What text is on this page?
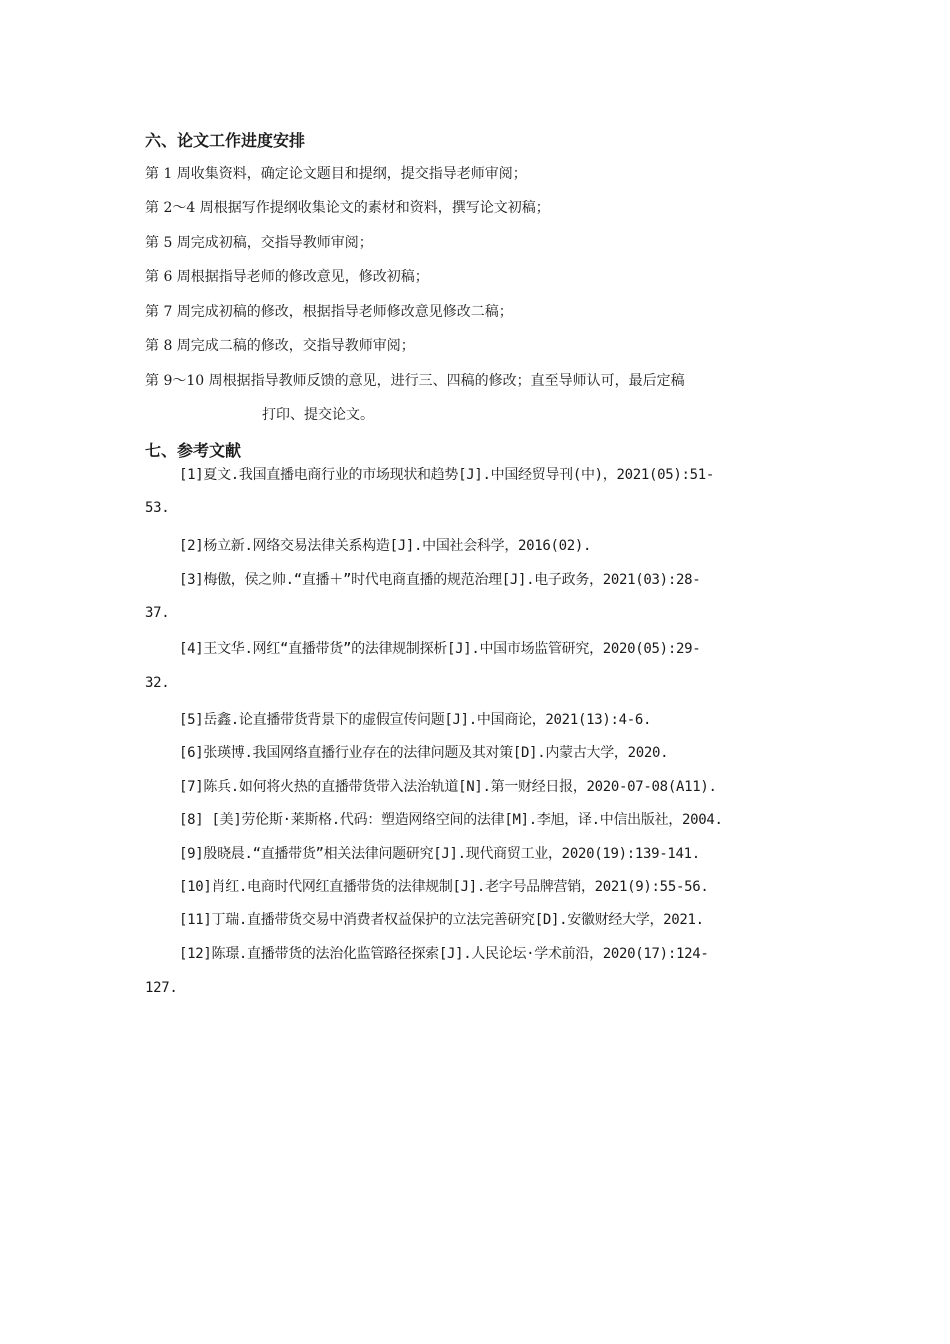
六、论文工作进度安排
第 1 周收集资料，确定论文题目和提纲，提交指导老师审阅；
第 2～4 周根据写作提纲收集论文的素材和资料，撰写论文初稿；
第 5 周完成初稿，交指导教师审阅；
第 6 周根据指导老师的修改意见，修改初稿；
第 7 周完成初稿的修改，根据指导老师修改意见修改二稿；
第 8 周完成二稿的修改，交指导教师审阅；
第 9～10 周根据指导教师反馈的意见，进行三、四稿的修改；直至导师认可，最后定稿
打印、提交论文。
七、参考文献
[1]夏文.我国直播电商行业的市场现状和趋势[J].中国经贸导刊(中)，2021(05):51-
53.
[2]杨立新.网络交易法律关系构造[J].中国社会科学，2016(02).
[3]梅傲，侯之帅.“直播＋”时代电商直播的规范治理[J].电子政务，2021(03):28-
37.
[4]王文华.网红“直播带货”的法律规制探析[J].中国市场监管研究，2020(05):29-
32.
[5]岳鑫.论直播带货背景下的虚假宣传问题[J].中国商论，2021(13):4-6.
[6]张瑛博.我国网络直播行业存在的法律问题及其对策[D].内蒙古大学，2020.
[7]陈兵.如何将火热的直播带货带入法治轨道[N].第一财经日报，2020-07-08(A11).
[8] [美]劳伦斯·莱斯格.代码：塑造网络空间的法律[M].李旭，译.中信出版社，2004.
[9]殷晓晨.“直播带货”相关法律问题研究[J].现代商贸工业，2020(19):139-141.
[10]肖红.电商时代网红直播带货的法律规制[J].老字号品牌营销，2021(9):55-56.
[11]丁瑞.直播带货交易中消费者权益保护的立法完善研究[D].安徽财经大学，2021.
[12]陈璟.直播带货的法治化监管路径探索[J].人民论坛·学术前沿，2020(17):124-
127.
